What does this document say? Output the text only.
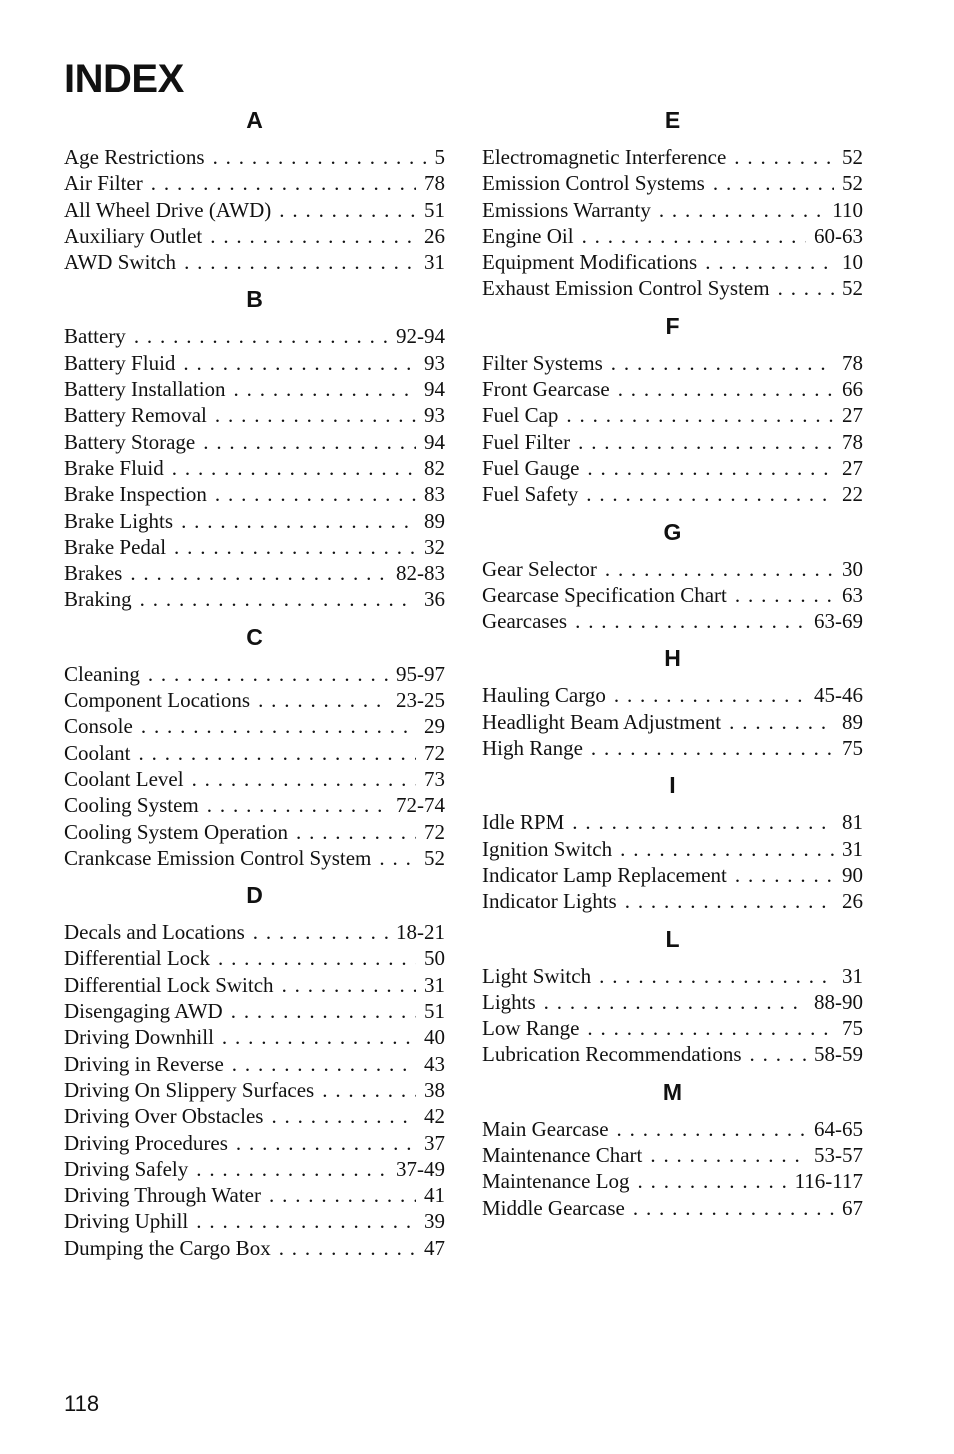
INDEX
A
Age Restrictions . . .	5
Air Filter . . .	78
All Wheel Drive (AWD) . . .	51
Auxiliary Outlet . . .	26
AWD Switch . . .	31
B
Battery . . .	92-94
Battery Fluid . . .	93
Battery Installation . . .	94
Battery Removal . . .	93
Battery Storage . . .	94
Brake Fluid . . .	82
Brake Inspection . . .	83
Brake Lights . . .	89
Brake Pedal . . .	32
Brakes . . .	82-83
Braking . . .	36
C
Cleaning . . .	95-97
Component Locations . . .	23-25
Console . . .	29
Coolant . . .	72
Coolant Level . . .	73
Cooling System . . .	72-74
Cooling System Operation . . .	72
Crankcase Emission Control System . . .	52
D
Decals and Locations . . .	18-21
Differential Lock . . .	50
Differential Lock Switch . . .	31
Disengaging AWD . . .	51
Driving Downhill . . .	40
Driving in Reverse . . .	43
Driving On Slippery Surfaces . . .	38
Driving Over Obstacles . . .	42
Driving Procedures . . .	37
Driving Safely . . .	37-49
Driving Through Water . . .	41
Driving Uphill . . .	39
Dumping the Cargo Box . . .	47
E
Electromagnetic Interference . . .	52
Emission Control Systems . . .	52
Emissions Warranty . . .	110
Engine Oil . . .	60-63
Equipment Modifications . . .	10
Exhaust Emission Control System . . .	52
F
Filter Systems . . .	78
Front Gearcase . . .	66
Fuel Cap . . .	27
Fuel Filter . . .	78
Fuel Gauge . . .	27
Fuel Safety . . .	22
G
Gear Selector . . .	30
Gearcase Specification Chart . . .	63
Gearcases . . .	63-69
H
Hauling Cargo . . .	45-46
Headlight Beam Adjustment . . .	89
High Range . . .	75
I
Idle RPM . . .	81
Ignition Switch . . .	31
Indicator Lamp Replacement . . .	90
Indicator Lights . . .	26
L
Light Switch . . .	31
Lights . . .	88-90
Low Range . . .	75
Lubrication Recommendations . . .	58-59
M
Main Gearcase . . .	64-65
Maintenance Chart . . .	53-57
Maintenance Log . . .	116-117
Middle Gearcase . . .	67
118
